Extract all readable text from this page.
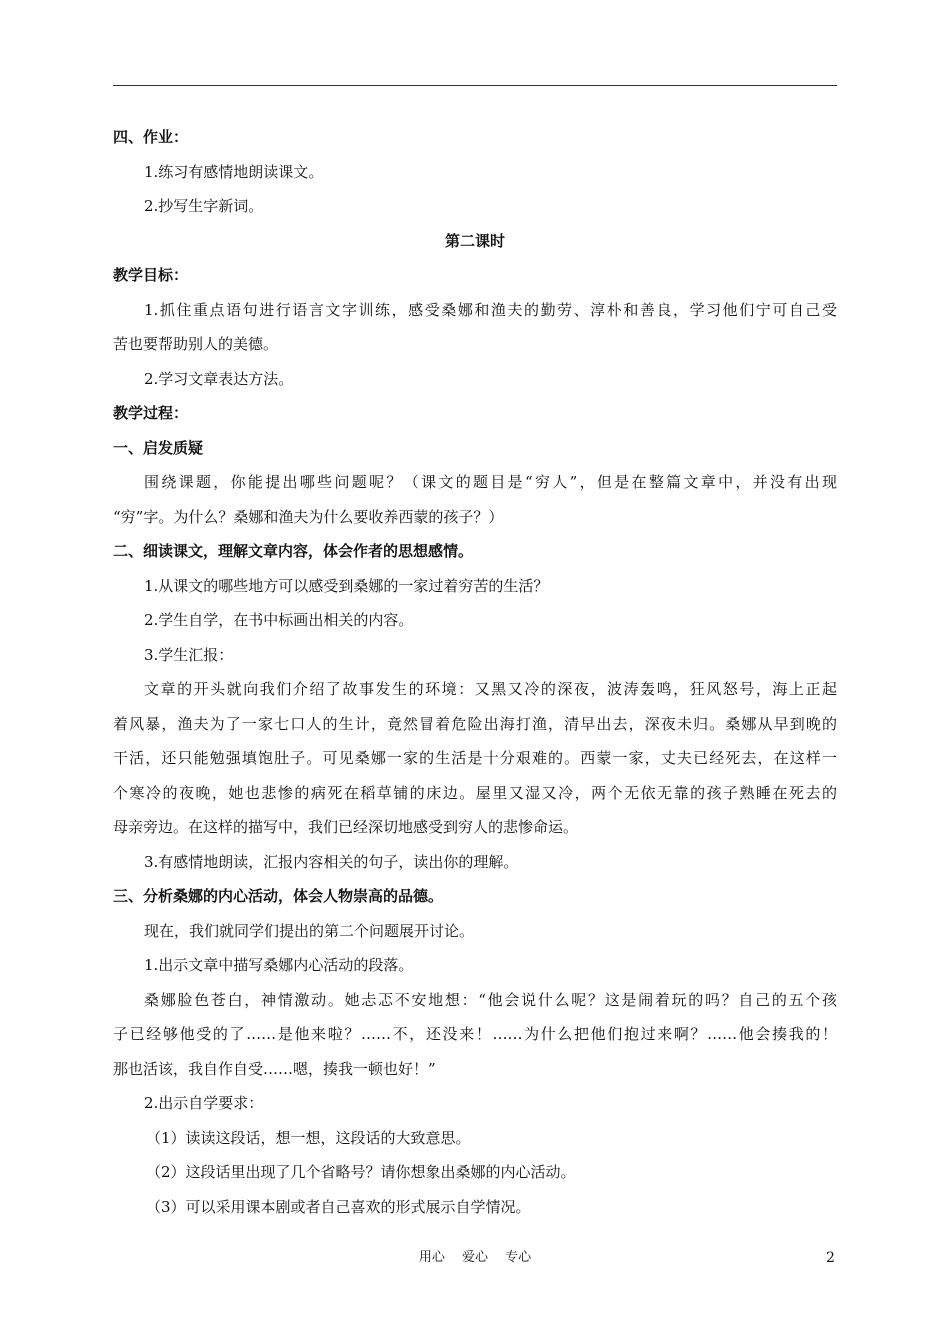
四、作业：
1.练习有感情地朗读课文。
2.抄写生字新词。
第二课时
教学目标：
1.抓住重点语句进行语言文字训练，感受桑娜和渔夫的勤劳、淳朴和善良，学习他们宁可自己受
苦也要帮助别人的美德。
2.学习文章表达方法。
教学过程：
一、启发质疑
围绕课题，你能提出哪些问题呢？（课文的题目是“穷人”，但是在整篇文章中，并没有出现
“穷”字。为什么？桑娜和渔夫为什么要收养西蒙的孩子？）
二、细读课文，理解文章内容，体会作者的思想感情。
1.从课文的哪些地方可以感受到桑娜的一家过着穷苦的生活？
2.学生自学，在书中标画出相关的内容。
3.学生汇报：
文章的开头就向我们介绍了故事发生的环境：又黑又冷的深夜，波涛轰鸣，狂风怒号，海上正起
着风暴，渔夫为了一家七口人的生计，竟然冒着危险出海打渔，清早出去，深夜未归。桑娜从早到晚的
干活，还只能勉强填饱肚子。可见桑娜一家的生活是十分艰难的。西蒙一家，丈夫已经死去，在这样一
个寒冷的夜晚，她也悲惨的病死在稻草铺的床边。屋里又湿又冷，两个无依无靠的孩子熟睡在死去的
母亲旁边。在这样的描写中，我们已经深切地感受到穷人的悲惨命运。
3.有感情地朗读，汇报内容相关的句子，读出你的理解。
三、分析桑娜的内心活动，体会人物崇高的品德。
现在，我们就同学们提出的第二个问题展开讨论。
1.出示文章中描写桑娜内心活动的段落。
桑娜脸色苍白，神情激动。她忐忑不安地想：“他会说什么呢？这是闹着玩的吗？自己的五个孩
子已经够他受的了……是他来啦？……不，还没来！……为什么把他们抱过来啊？……他会揍我的！
那也活该，我自作自受……嗯，揍我一顿也好！”
2.出示自学要求：
（1）读读这段话，想一想，这段话的大致意思。
（2）这段话里出现了几个省略号？请你想象出桑娜的内心活动。
（3）可以采用课本剧或者自己喜欢的形式展示自学情况。
用心　 爱心　 专心	2
